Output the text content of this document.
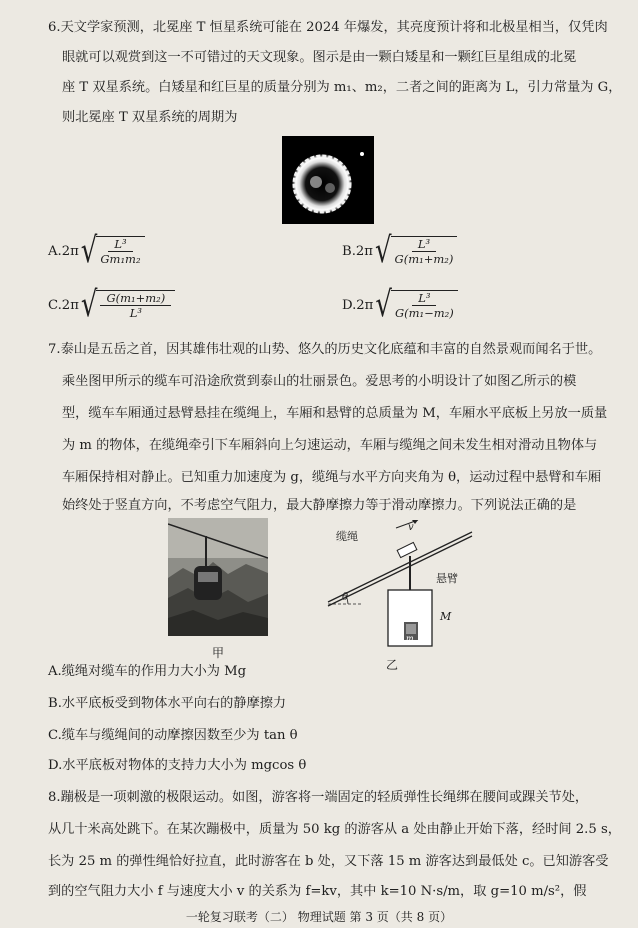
6.天文学家预测，北冕座 T 恒星系统可能在 2024 年爆发，其亮度预计将和北极星相当，仅凭肉
眼就可以观赏到这一不可错过的天文现象。图示是由一颗白矮星和一颗红巨星组成的北冕
座 T 双星系统。白矮星和红巨星的质量分别为 m₁、m₂，二者之间的距离为 L，引力常量为 G，
则北冕座 T 双星系统的周期为
A.2π √ $\frac{\text{L³}}{\text{Gm₁m₂}}$	B.2π √ $\frac{\text{L³}}{\text{G(m₁+m₂)}}$
C.2π √ $\frac{\text{G(m₁+m₂)}}{\text{L³}}$	D.2π √ $\frac{\text{L³}}{\text{G(m₁−m₂)}}$
7.泰山是五岳之首，因其雄伟壮观的山势、悠久的历史文化底蕴和丰富的自然景观而闻名于世。
乘坐图甲所示的缆车可沿途欣赏到泰山的壮丽景色。爱思考的小明设计了如图乙所示的模
型，缆车车厢通过悬臂悬挂在缆绳上，车厢和悬臂的总质量为 M，车厢水平底板上另放一质量
为 m 的物体，在缆绳牵引下车厢斜向上匀速运动，车厢与缆绳之间未发生相对滑动且物体与
车厢保持相对静止。已知重力加速度为 g，缆绳与水平方向夹角为 θ，运动过程中悬臂和车厢
始终处于竖直方向，不考虑空气阻力，最大静摩擦力等于滑动摩擦力。下列说法正确的是
甲
缆绳
悬臂
v
θ
M
m
乙
A.缆绳对缆车的作用力大小为 Mg
B.水平底板受到物体水平向右的静摩擦力
C.缆车与缆绳间的动摩擦因数至少为 tan θ
D.水平底板对物体的支持力大小为 mgcos θ
8.蹦极是一项刺激的极限运动。如图，游客将一端固定的轻质弹性长绳绑在腰间或踝关节处，
从几十米高处跳下。在某次蹦极中，质量为 50 kg 的游客从 a 处由静止开始下落，经时间 2.5 s，
长为 25 m 的弹性绳恰好拉直，此时游客在 b 处，又下落 15 m 游客达到最低处 c。已知游客受
到的空气阻力大小 f 与速度大小 v 的关系为 f=kv，其中 k=10 N·s/m，取 g=10 m/s²，假
一轮复习联考（二） 物理试题 第 3 页（共 8 页）
